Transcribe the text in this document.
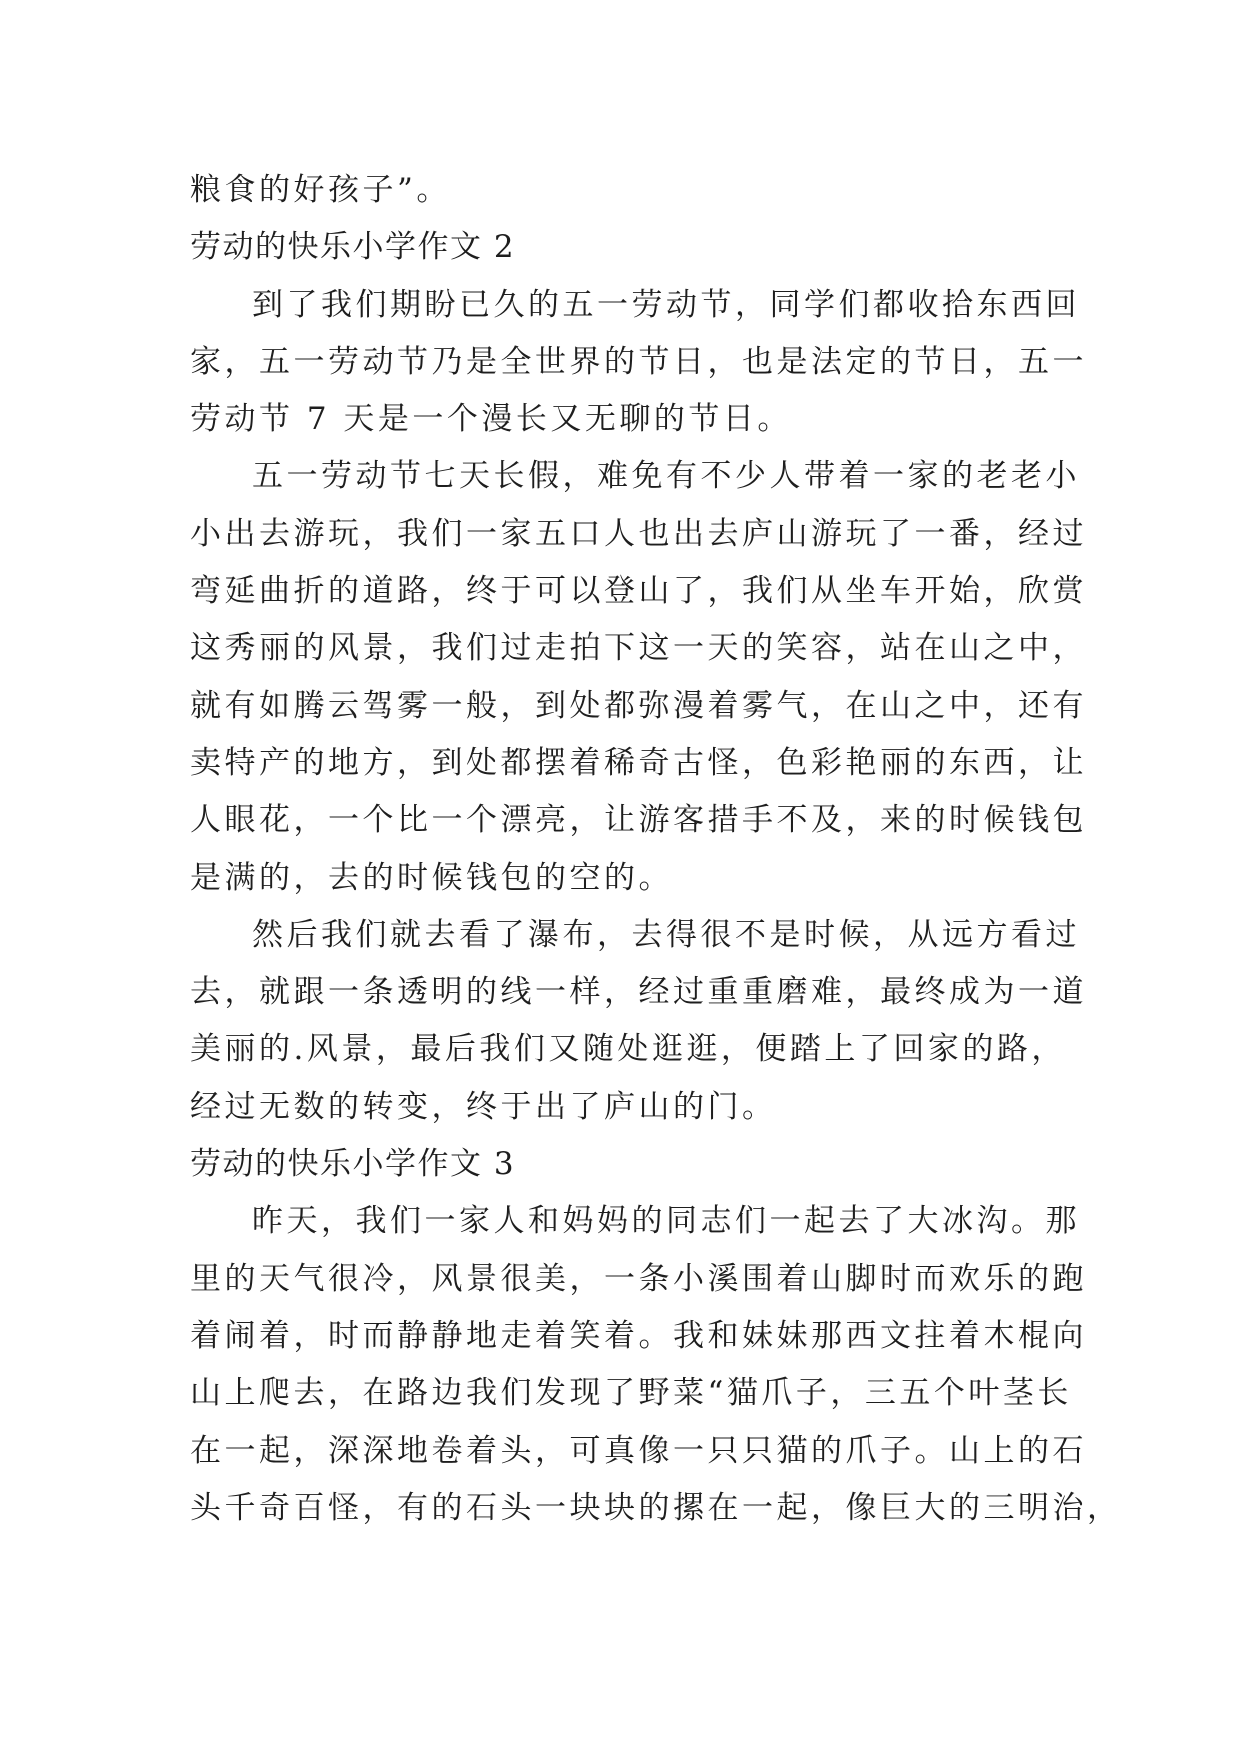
粮食的好孩子”。
劳动的快乐小学作文 2
到了我们期盼已久的五一劳动节，同学们都收拾东西回
家，五一劳动节乃是全世界的节日，也是法定的节日，五一
劳动节 7 天是一个漫长又无聊的节日。
五一劳动节七天长假，难免有不少人带着一家的老老小
小出去游玩，我们一家五口人也出去庐山游玩了一番，经过
弯延曲折的道路，终于可以登山了，我们从坐车开始，欣赏
这秀丽的风景，我们过走拍下这一天的笑容，站在山之中，
就有如腾云驾雾一般，到处都弥漫着雾气，在山之中，还有
卖特产的地方，到处都摆着稀奇古怪，色彩艳丽的东西，让
人眼花，一个比一个漂亮，让游客措手不及，来的时候钱包
是满的，去的时候钱包的空的。
然后我们就去看了瀑布，去得很不是时候，从远方看过
去，就跟一条透明的线一样，经过重重磨难，最终成为一道
美丽的.风景，最后我们又随处逛逛，便踏上了回家的路，
经过无数的转变，终于出了庐山的门。
劳动的快乐小学作文 3
昨天，我们一家人和妈妈的同志们一起去了大冰沟。那
里的天气很冷，风景很美，一条小溪围着山脚时而欢乐的跑
着闹着，时而静静地走着笑着。我和妹妹那西文拄着木棍向
山上爬去，在路边我们发现了野菜“猫爪子，三五个叶茎长
在一起，深深地卷着头，可真像一只只猫的爪子。山上的石
头千奇百怪，有的石头一块块的摞在一起，像巨大的三明治，
